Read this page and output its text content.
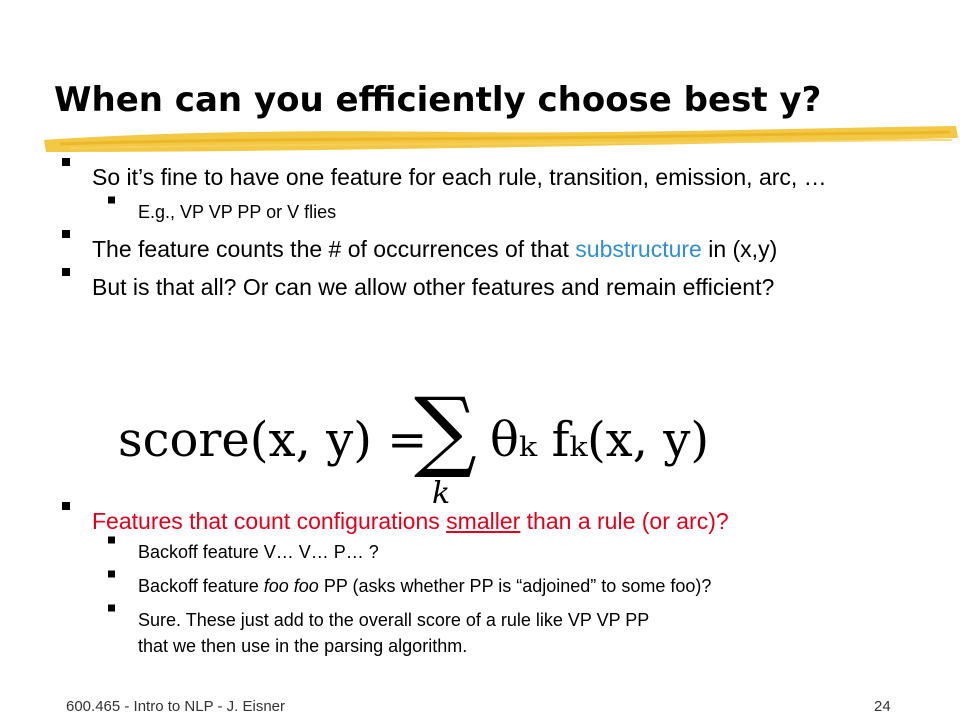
When can you efficiently choose best y?
So it’s fine to have one feature for each rule, transition, emission, arc, …
E.g., VP VP PP or V flies
The feature counts the # of occurrences of that substructure in (x,y)
But is that all? Or can we allow other features and remain efficient?
score(x, y) =
∑
k
θₖ fₖ(x, y)
Features that count configurations smaller than a rule (or arc)?
Backoff feature V… V… P… ?
Backoff feature foo foo PP (asks whether PP is “adjoined” to some foo)?
Sure. These just add to the overall score of a rule like VP VP PP
that we then use in the parsing algorithm.
600.465 - Intro to NLP - J. Eisner	24
